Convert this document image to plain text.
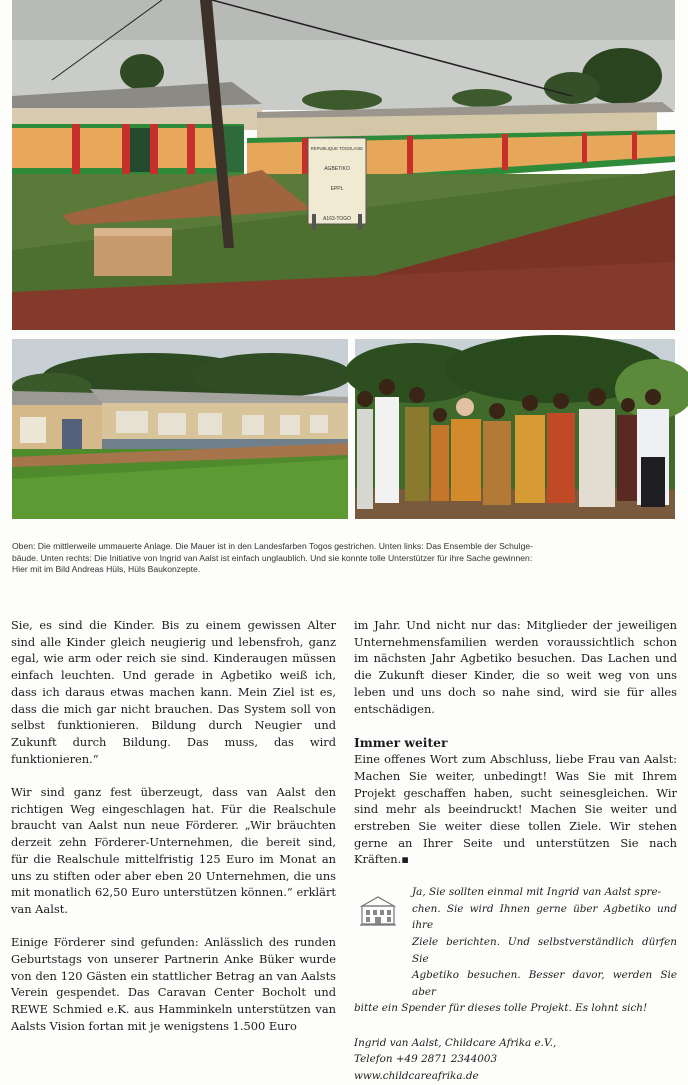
REPUBLIQUE TOGOLAISE
AGBETIKO
EPPL
A163-TOGO
Oben: Die mittlerweile ummauerte Anlage. Die Mauer ist in den Landesfarben Togos gestrichen. Unten links: Das Ensemble der Schulge-
bäude. Unten rechts: Die Initiative von Ingrid van Aalst ist einfach unglaublich. Und sie konnte tolle Unterstützer für ihre Sache gewinnen:
Hier mit im Bild Andreas Hüls, Hüls Baukonzepte.

Sie, es sind die Kinder. Bis zu einem gewissen Alter sind alle Kinder gleich neugierig und lebensfroh, ganz egal, wie arm oder reich sie sind. Kinderaugen müssen einfach leuchten. Und gerade in Agbetiko weiß ich, dass ich daraus etwas machen kann. Mein Ziel ist es, dass die mich gar nicht brauchen. Das System soll von selbst funktionieren. Bildung durch Neugier und Zukunft durch Bildung. Das muss, das wird funktionieren.“

Wir sind ganz fest überzeugt, dass van Aalst den richtigen Weg eingeschlagen hat. Für die Realschule braucht van Aalst nun neue Förderer. „Wir bräuchten derzeit zehn Förderer-Unternehmen, die bereit sind, für die Realschule mittelfristig 125 Euro im Monat an uns zu stiften oder aber eben 20 Unternehmen, die uns mit monatlich 62,50 Euro unterstützen können.“ erklärt van Aalst.

Einige Förderer sind gefunden: Anlässlich des runden Geburtstags von unserer Partnerin Anke Büker wurde von den 120 Gästen ein stattlicher Betrag an van Aalsts Verein gespendet. Das Caravan Center Bocholt und REWE Schmied e.K. aus Hamminkeln unterstützen van Aalsts Vision fortan mit je wenigstens 1.500 Euro

im Jahr. Und nicht nur das: Mitglieder der jeweiligen Unternehmensfamilien werden voraussichtlich schon im nächsten Jahr Agbetiko besuchen. Das Lachen und die Zukunft dieser Kinder, die so weit weg von uns leben und uns doch so nahe sind, wird sie für alles entschädigen.

Immer weiter

Eine offenes Wort zum Abschluss, liebe Frau van Aalst: Machen Sie weiter, unbedingt! Was Sie mit Ihrem Projekt geschaffen haben, sucht seinesgleichen. Wir sind mehr als beeindruckt! Machen Sie weiter und erstreben Sie weiter diese tollen Ziele. Wir stehen gerne an Ihrer Seite und unterstützen Sie nach Kräften.▪

Ja, Sie sollten einmal mit Ingrid van Aalst spre-
chen. Sie wird Ihnen gerne über Agbetiko und ihre
Ziele berichten. Und selbstverständlich dürfen Sie
Agbetiko besuchen. Besser davor, werden Sie aber
bitte ein Spender für dieses tolle Projekt. Es lohnt sich!
Ingrid van Aalst, Childcare Afrika e.V.,
Telefon +49 2871 2344003
www.childcareafrika.de
